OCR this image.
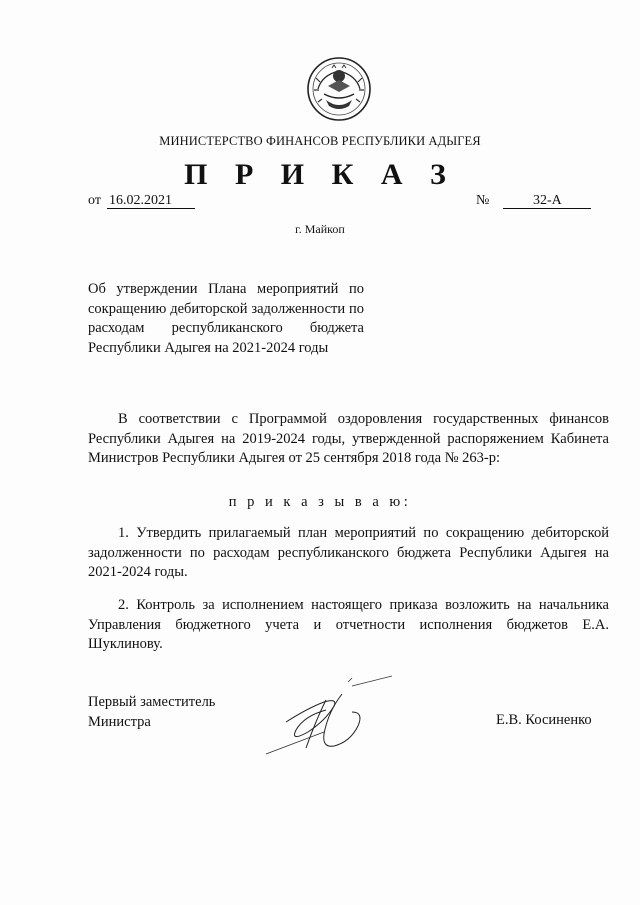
МИНИСТЕРСТВО ФИНАНСОВ РЕСПУБЛИКИ АДЫГЕЯ
П Р И К А З
от 16.02.2021	№	32-А
г. Майкоп
Об утверждении Плана мероприятий по сокращению дебиторской задолженности по расходам республиканского бюджета Республики Адыгея на 2021-2024 годы
В соответствии с Программой оздоровления государственных финансов Республики Адыгея на 2019-2024 годы, утвержденной распоряжением Кабинета Министров Республики Адыгея от 25 сентября 2018 года № 263-р:
п р и к а з ы в а ю:
1. Утвердить прилагаемый план мероприятий по сокращению дебиторской задолженности по расходам республиканского бюджета Республики Адыгея на 2021-2024 годы.
2. Контроль за исполнением настоящего приказа возложить на начальника Управления бюджетного учета и отчетности исполнения бюджетов Е.А. Шуклинову.
Первый заместитель
Министра	Е.В. Косиненко
